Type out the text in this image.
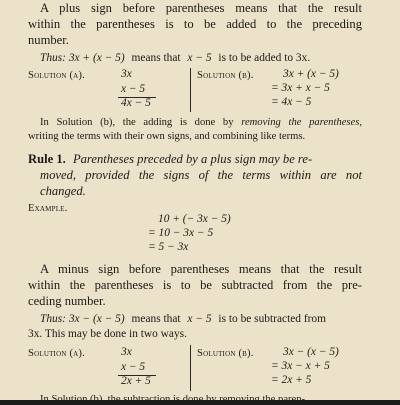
A plus sign before parentheses means that the result
within the parentheses is to be added to the preceding
number.
Thus: 3x + (x − 5) means that x − 5 is to be added to 3x.
Solution (a).	3x
x − 5
4x − 5
Solution (b).	3x + (x − 5)
= 3x + x − 5
= 4x − 5
In Solution (b), the adding is done by removing the parentheses,
writing the terms with their own signs, and combining like terms.
Rule 1. Parentheses preceded by a plus sign may be re-
moved, provided the signs of the terms within are not
changed.
Example.
10 + (− 3x − 5)
= 10 − 3x − 5
= 5 − 3x
A minus sign before parentheses means that the result
within the parentheses is to be subtracted from the pre-
ceding number.
Thus: 3x − (x − 5) means that x − 5 is to be subtracted from
3x. This may be done in two ways.
Solution (a).	3x
x − 5
2x + 5
Solution (b).	3x − (x − 5)
= 3x − x + 5
= 2x + 5
In Solution (b), the subtraction is done by removing the paren-
